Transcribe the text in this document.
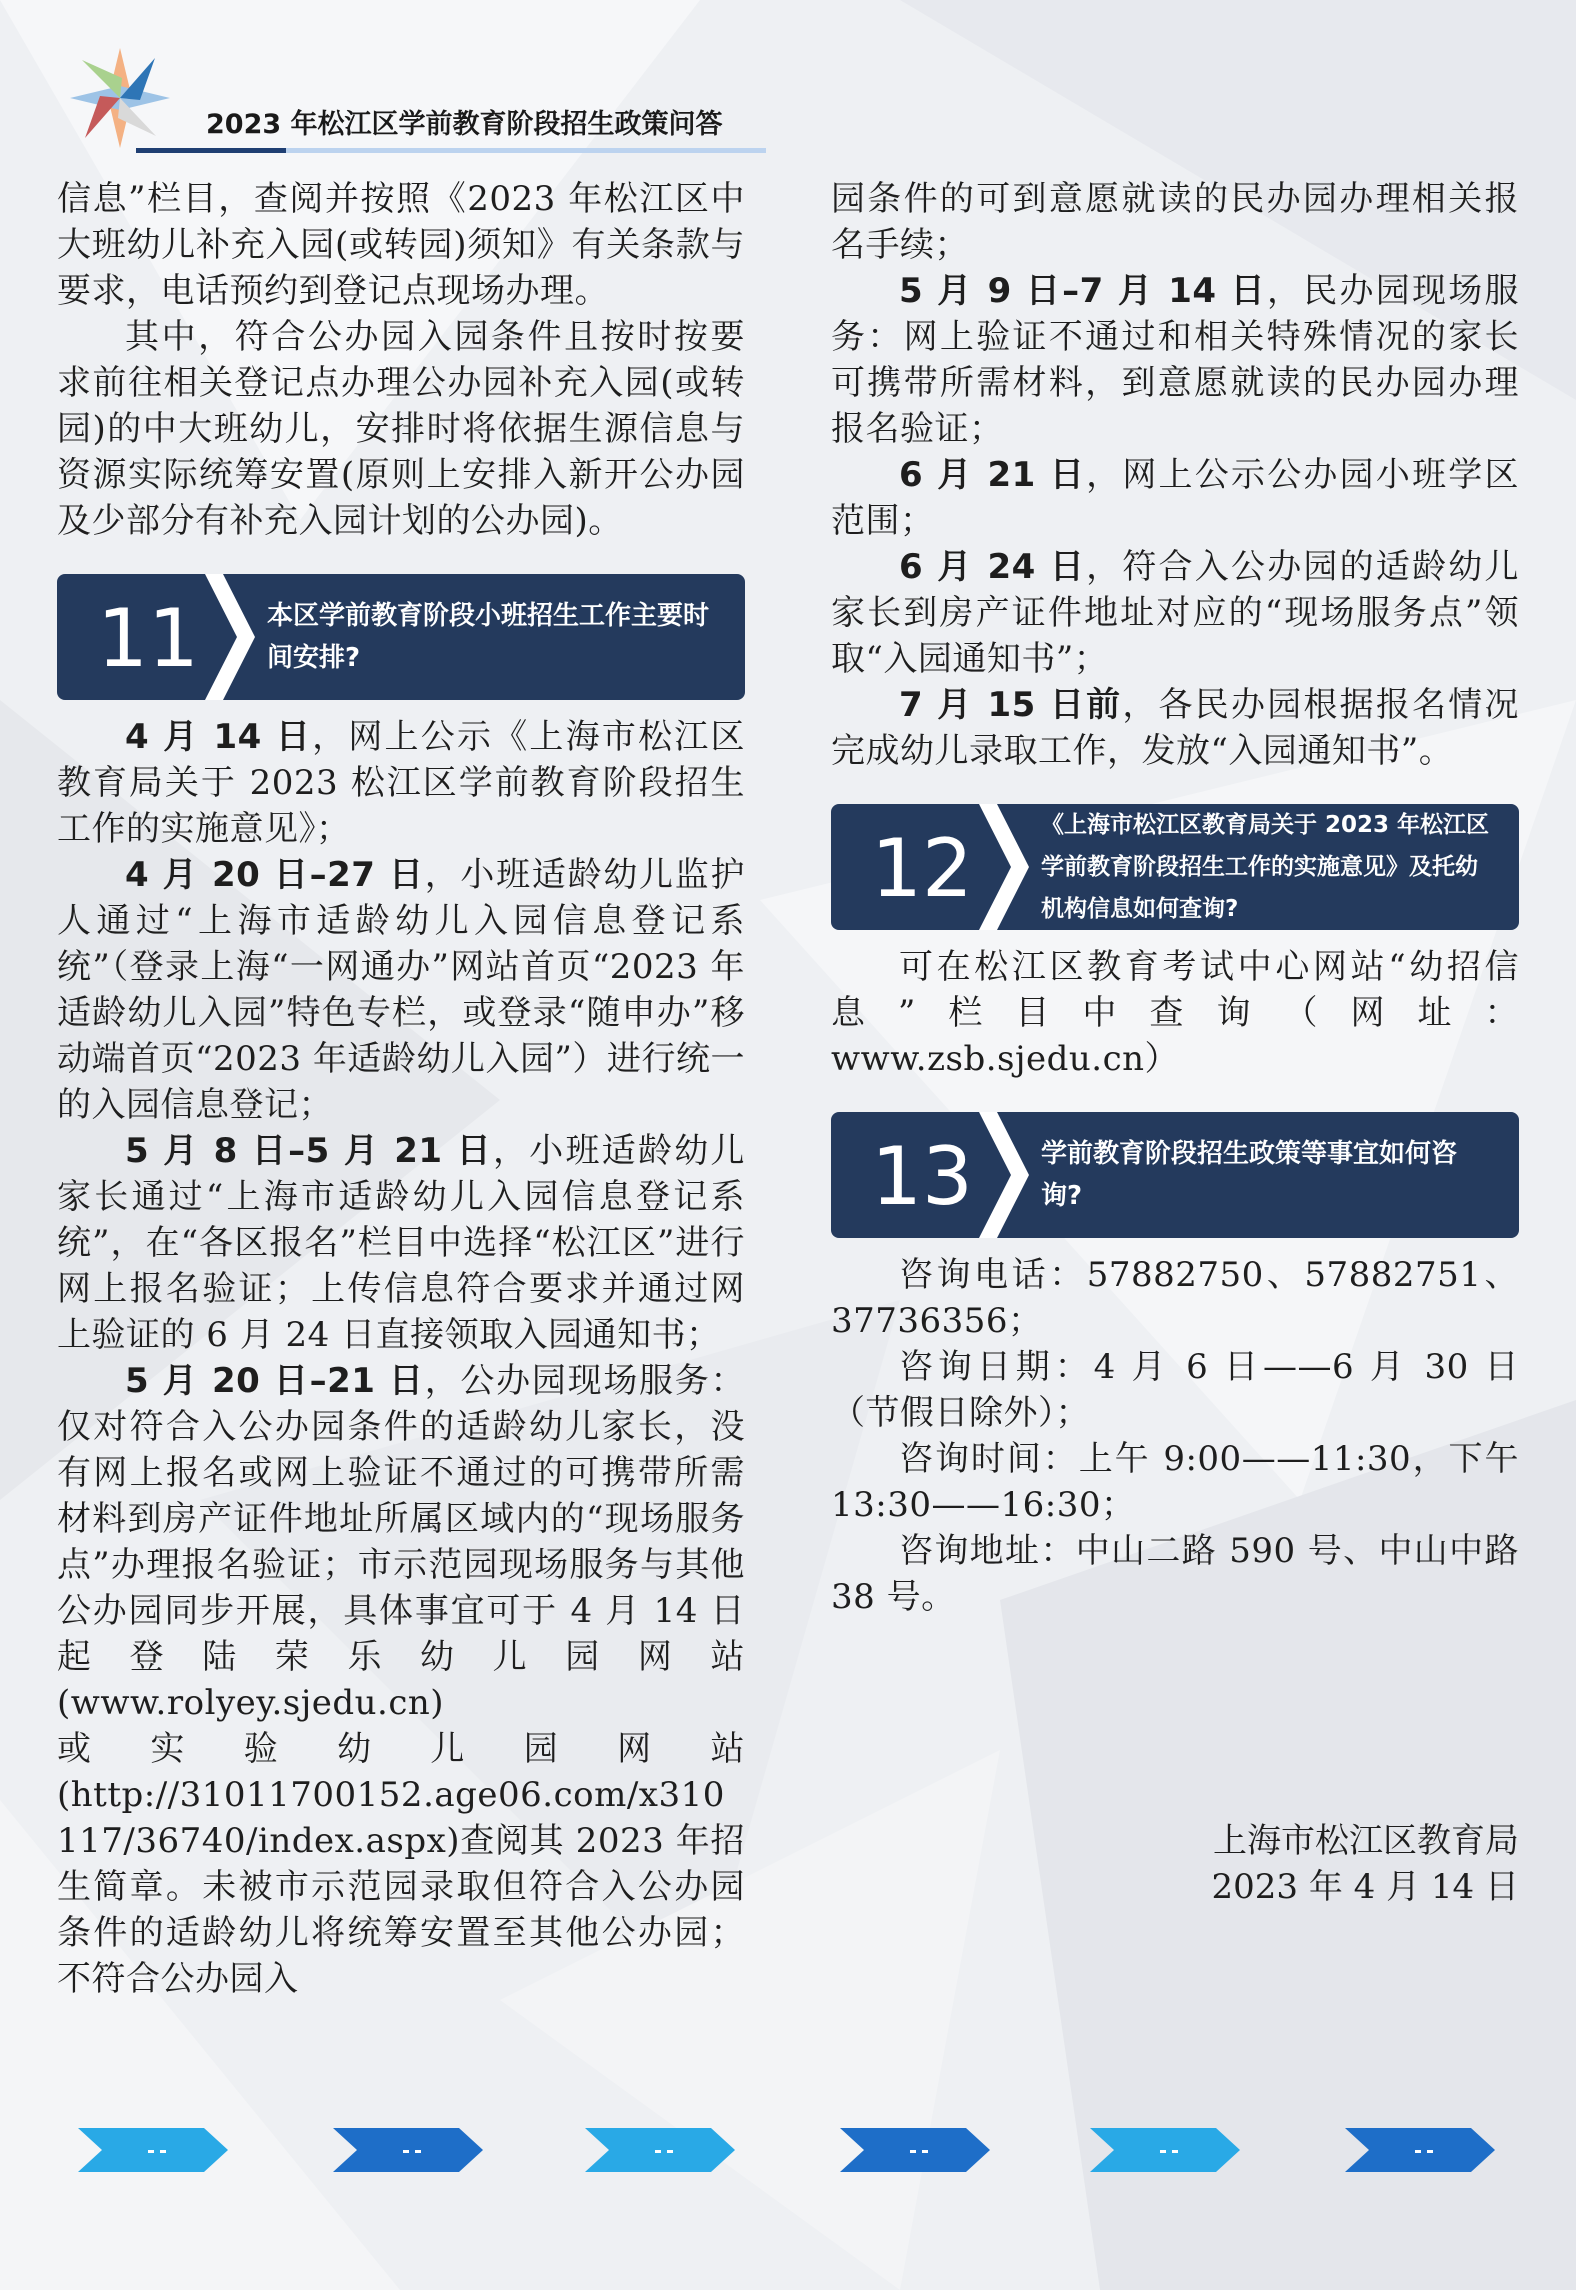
2023 年松江区学前教育阶段招生政策问答

信息”栏目，查阅并按照《2023 年松江区中大班幼儿补充入园(或转园)须知》有关条款与要求，电话预约到登记点现场办理。

其中，符合公办园入园条件且按时按要求前往相关登记点办理公办园补充入园(或转园)的中大班幼儿，安排时将依据生源信息与资源实际统筹安置(原则上安排入新开公办园及少部分有补充入园计划的公办园)。

11	本区学前教育阶段小班招生工作主要时间安排?

4 月 14 日，网上公示《上海市松江区教育局关于 2023 松江区学前教育阶段招生工作的实施意见》；

4 月 20 日–27 日，小班适龄幼儿监护人通过“上海市适龄幼儿入园信息登记系统”（登录上海“一网通办”网站首页“2023 年适龄幼儿入园”特色专栏，或登录“随申办”移动端首页“2023 年适龄幼儿入园”）进行统一的入园信息登记；

5 月 8 日–5 月 21 日，小班适龄幼儿家长通过“上海市适龄幼儿入园信息登记系统”，在“各区报名”栏目中选择“松江区”进行网上报名验证；上传信息符合要求并通过网上验证的 6 月 24 日直接领取入园通知书；

5 月 20 日–21 日，公办园现场服务：仅对符合入公办园条件的适龄幼儿家长，没有网上报名或网上验证不通过的可携带所需材料到房产证件地址所属区域内的“现场服务点”办理报名验证；市示范园现场服务与其他公办园同步开展，具体事宜可于 4 月 14 日起登陆荣乐幼儿园网站(www.rolyey.sjedu.cn)

或实验幼儿园网站

(http://31011700152.age06.com/x310117/36740/index.aspx)查阅其 2023 年招生简章。未被市示范园录取但符合入公办园条件的适龄幼儿将统筹安置至其他公办园；不符合公办园入

园条件的可到意愿就读的民办园办理相关报名手续；

5 月 9 日–7 月 14 日，民办园现场服务：网上验证不通过和相关特殊情况的家长可携带所需材料，到意愿就读的民办园办理报名验证；

6 月 21 日，网上公示公办园小班学区范围；

6 月 24 日，符合入公办园的适龄幼儿家长到房产证件地址对应的“现场服务点”领取“入园通知书”；

7 月 15 日前，各民办园根据报名情况完成幼儿录取工作，发放“入园通知书”。

12	《上海市松江区教育局关于 2023 年松江区学前教育阶段招生工作的实施意见》及托幼机构信息如何查询?

可在松江区教育考试中心网站“幼招信息”栏目中查询（网址：www.zsb.sjedu.cn）

13	学前教育阶段招生政策等事宜如何咨询?

咨询电话：57882750、57882751、37736356；

咨询日期：4 月 6 日——6 月 30 日（节假日除外）；

咨询时间：上午 9:00——11:30，下午 13:30——16:30；

咨询地址：中山二路 590 号、中山中路 38 号。

上海市松江区教育局
2023 年 4 月 14 日
